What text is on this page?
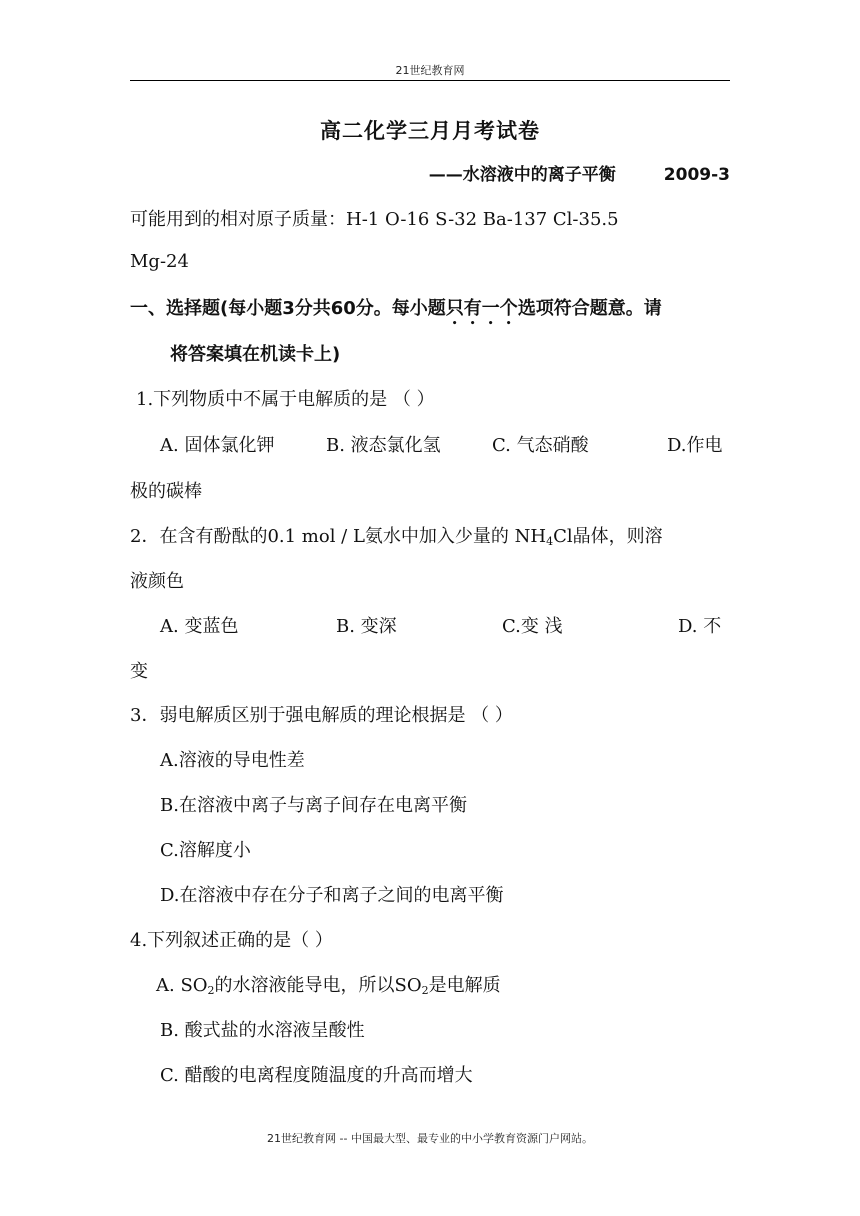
21世纪教育网
高二化学三月月考试卷
——水溶液中的离子平衡	2009-3
可能用到的相对原子质量：H-1 O-16 S-32 Ba-137 Cl-35.5
Mg-24
一、选择题(每小题3分共60分。每小题只有一个选项符合题意。请
将答案填在机读卡上)
1.下列物质中不属于电解质的是 （ ）
A. 固体氯化钾	B. 液态氯化氢	C. 气态硝酸	D.作电
极的碳棒
2．在含有酚酞的0.1 mol / L氨水中加入少量的 $NH_4Cl$晶体，则溶
液颜色
A. 变蓝色	B. 变深	C.变 浅	D. 不
变
3．弱电解质区别于强电解质的理论根据是 （ ）
A.溶液的导电性差
B.在溶液中离子与离子间存在电离平衡
C.溶解度小
D.在溶液中存在分子和离子之间的电离平衡
4.下列叙述正确的是（ ）
A. $SO_2$的水溶液能导电，所以$SO_2$是电解质
B. 酸式盐的水溶液呈酸性
C. 醋酸的电离程度随温度的升高而增大
21世纪教育网 -- 中国最大型、最专业的中小学教育资源门户网站。
